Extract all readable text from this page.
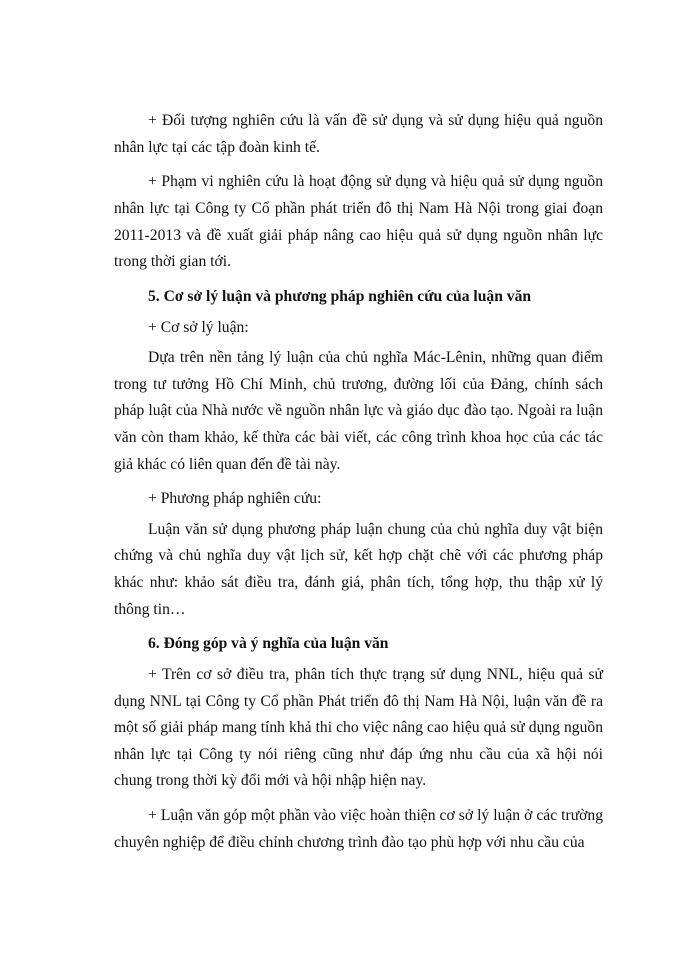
+ Đối tượng nghiên cứu là vấn đề sử dụng và sử dụng hiệu quả nguồn nhân lực tại các tập đoàn kinh tế.

+ Phạm vi nghiên cứu là hoạt động sử dụng và hiệu quả sử dụng nguồn nhân lực tại Công ty Cổ phần phát triển đô thị Nam Hà Nội trong giai đoạn 2011-2013 và đề xuất giải pháp nâng cao hiệu quả sử dụng nguồn nhân lực trong thời gian tới.

5. Cơ sở lý luận và phương pháp nghiên cứu của luận văn

+ Cơ sở lý luận:

Dựa trên nền tảng lý luận của chủ nghĩa Mác-Lênin, những quan điểm trong tư tưởng Hồ Chí Minh, chủ trương, đường lối của Đảng, chính sách pháp luật của Nhà nước về nguồn nhân lực và giáo dục đào tạo. Ngoài ra luận văn còn tham khảo, kế thừa các bài viết, các công trình khoa học của các tác giả khác có liên quan đến đề tài này.

+ Phương pháp nghiên cứu:

Luận văn sử dụng phương pháp luận chung của chủ nghĩa duy vật biện chứng và chủ nghĩa duy vật lịch sử, kết hợp chặt chẽ với các phương pháp khác như: khảo sát điều tra, đánh giá, phân tích, tổng hợp, thu thập xử lý thông tin…

6. Đóng góp và ý nghĩa của luận văn

+ Trên cơ sở điều tra, phân tích thực trạng sử dụng NNL, hiệu quả sử dụng NNL tại Công ty Cổ phần Phát triển đô thị Nam Hà Nội, luận văn đề ra một số giải pháp mang tính khả thi cho việc nâng cao hiệu quả sử dụng nguồn nhân lực tại Công ty nói riêng cũng như đáp ứng nhu cầu của xã hội nói chung trong thời kỳ đổi mới và hội nhập hiện nay.

+ Luận văn góp một phần vào việc hoàn thiện cơ sở lý luận ở các trường chuyên nghiệp để điều chỉnh chương trình đào tạo phù hợp với nhu cầu của
